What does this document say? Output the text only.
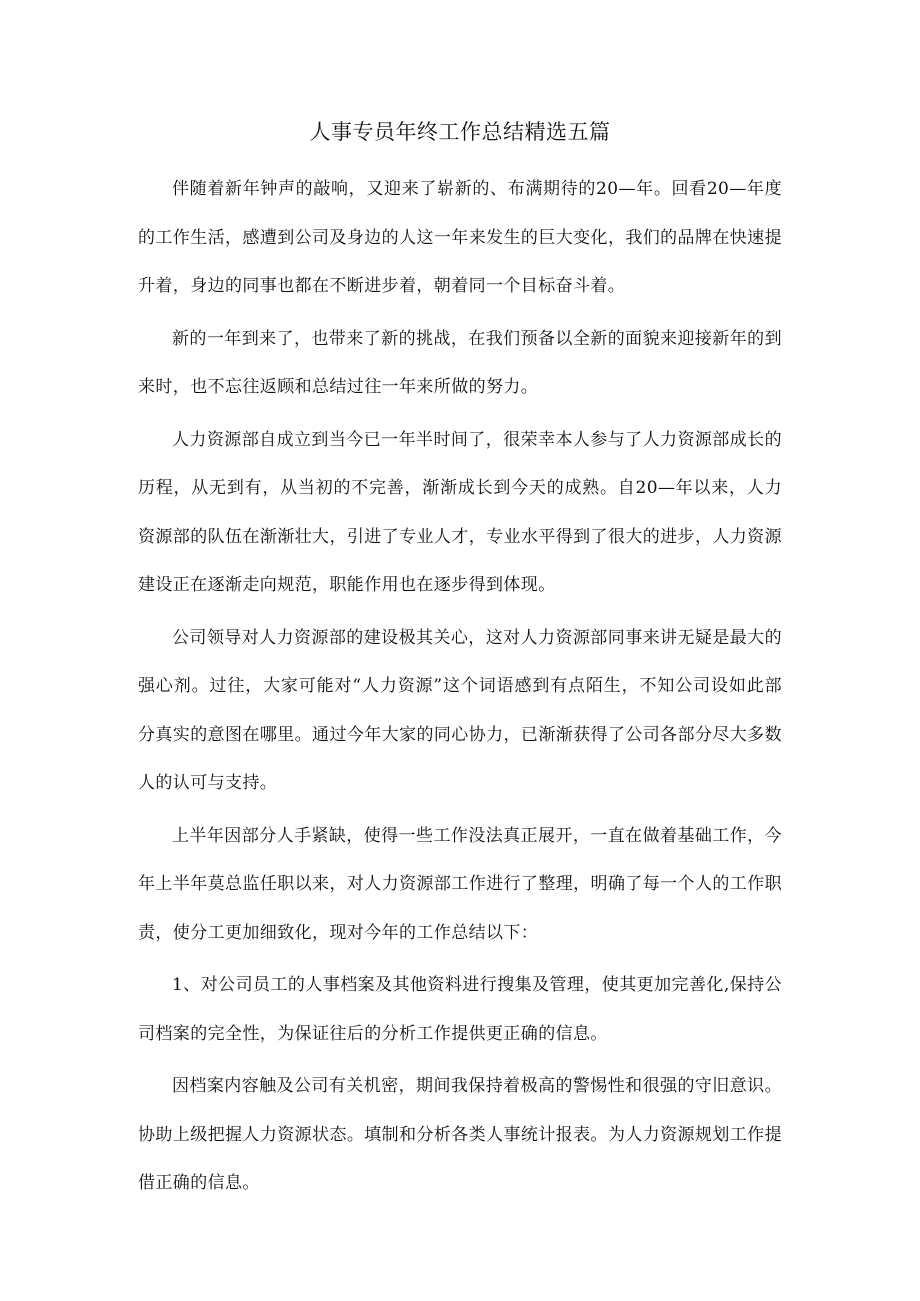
人事专员年终工作总结精选五篇

伴随着新年钟声的敲响，又迎来了崭新的、布满期待的20—年。回看20—年度的工作生活，感遭到公司及身边的人这一年来发生的巨大变化，我们的品牌在快速提升着，身边的同事也都在不断进步着，朝着同一个目标奋斗着。

新的一年到来了，也带来了新的挑战，在我们预备以全新的面貌来迎接新年的到来时，也不忘往返顾和总结过往一年来所做的努力。

人力资源部自成立到当今已一年半时间了，很荣幸本人参与了人力资源部成长的历程，从无到有，从当初的不完善，渐渐成长到今天的成熟。自20—年以来，人力资源部的队伍在渐渐壮大，引进了专业人才，专业水平得到了很大的进步，人力资源建设正在逐渐走向规范，职能作用也在逐步得到体现。

公司领导对人力资源部的建设极其关心，这对人力资源部同事来讲无疑是最大的强心剂。过往，大家可能对“人力资源”这个词语感到有点陌生，不知公司设如此部分真实的意图在哪里。通过今年大家的同心协力，已渐渐获得了公司各部分尽大多数人的认可与支持。

上半年因部分人手紧缺，使得一些工作没法真正展开，一直在做着基础工作，今年上半年莫总监任职以来，对人力资源部工作进行了整理，明确了每一个人的工作职责，使分工更加细致化，现对今年的工作总结以下：

1、对公司员工的人事档案及其他资料进行搜集及管理，使其更加完善化,保持公司档案的完全性，为保证往后的分析工作提供更正确的信息。

因档案内容触及公司有关机密，期间我保持着极高的警惕性和很强的守旧意识。协助上级把握人力资源状态。填制和分析各类人事统计报表。为人力资源规划工作提借正确的信息。
